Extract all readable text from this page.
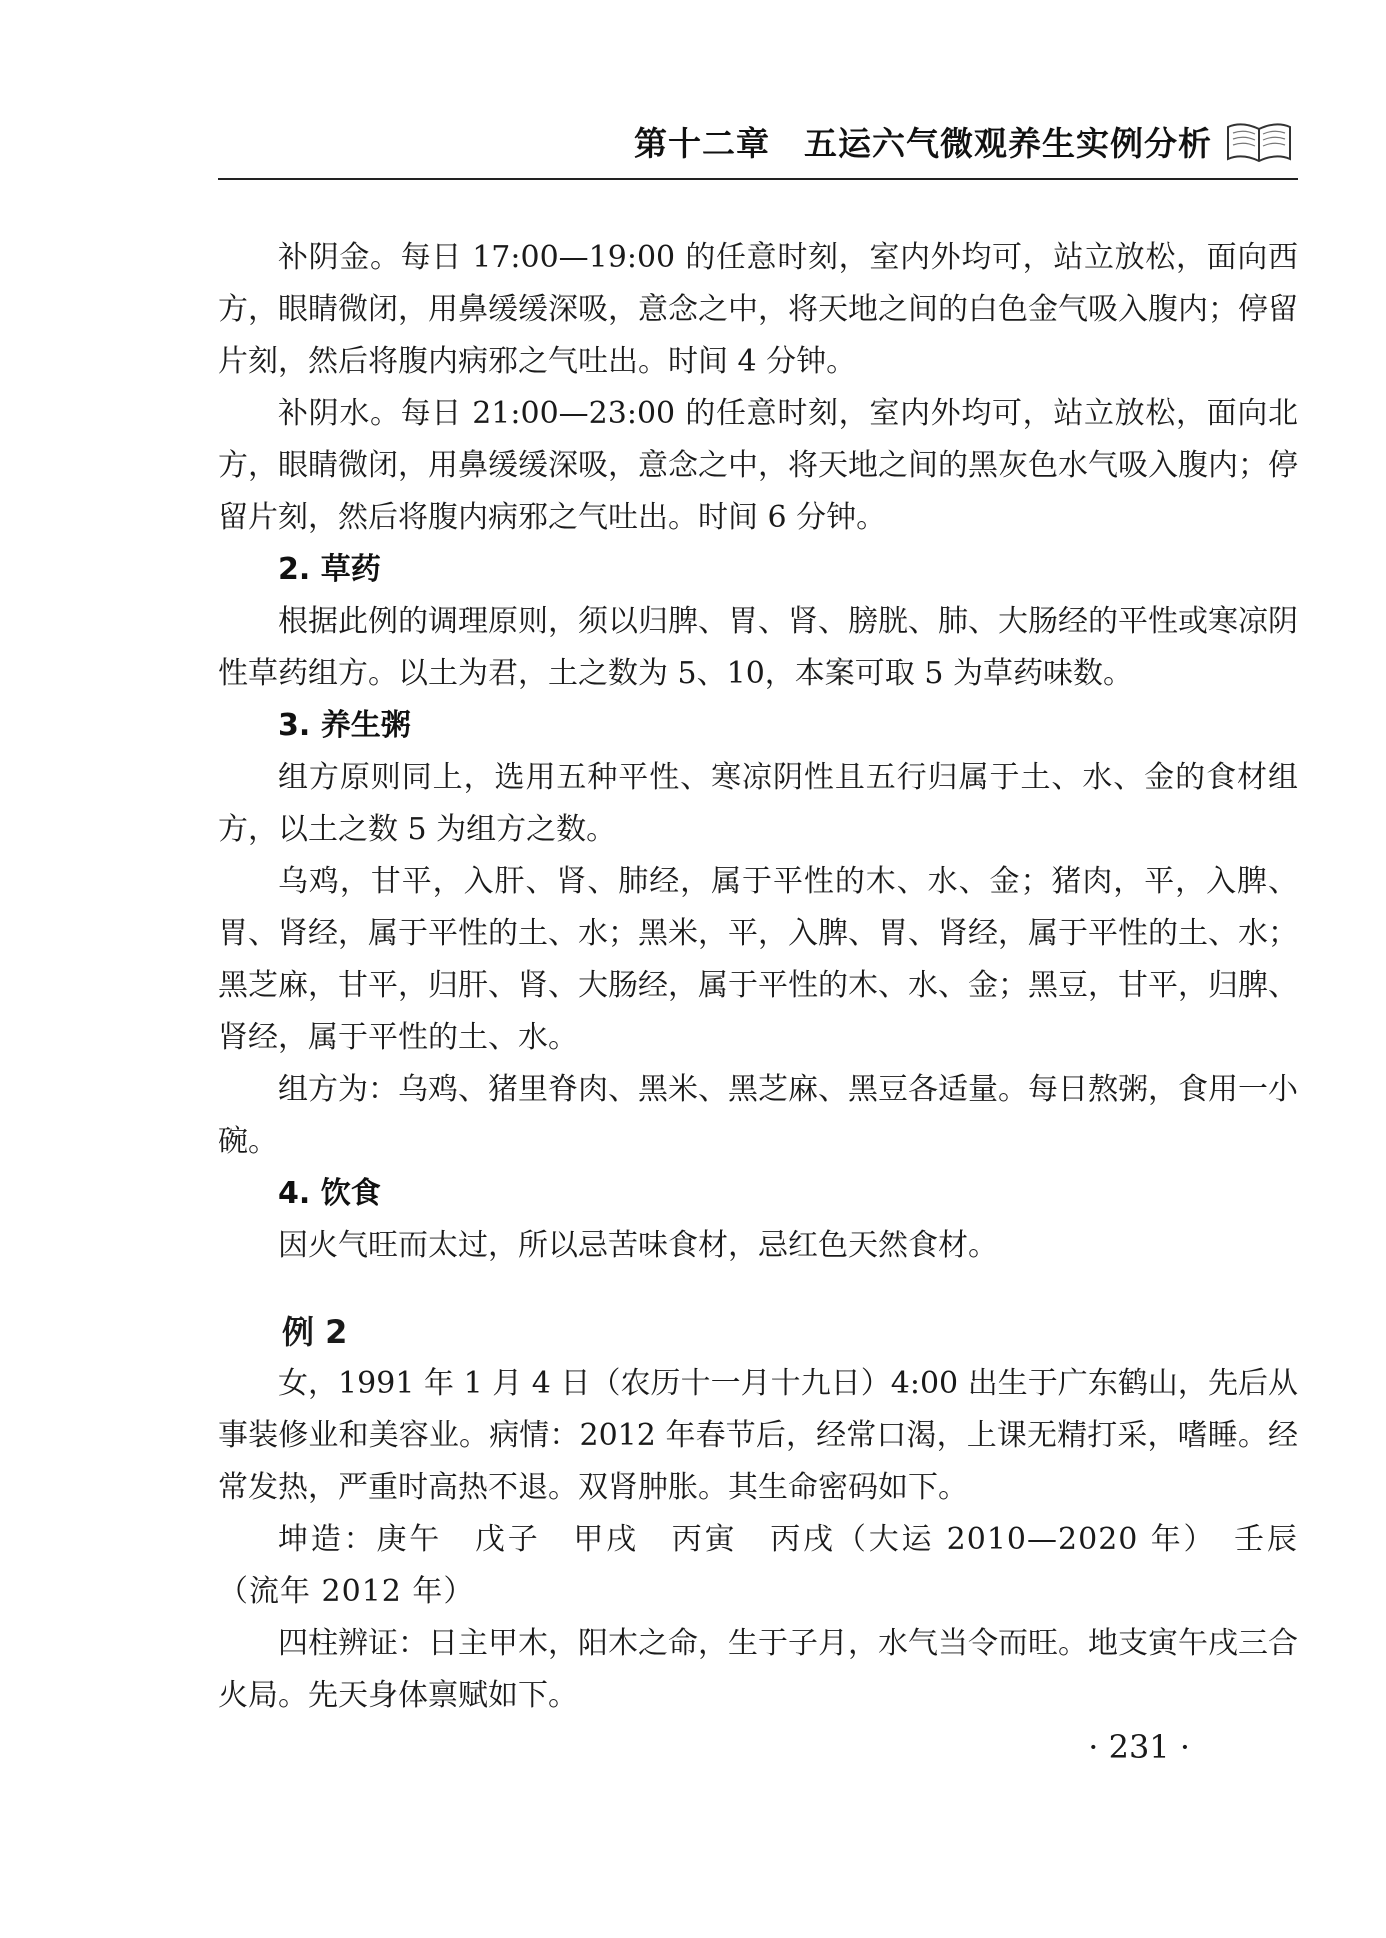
第十二章　五运六气微观养生实例分析

补阴金。每日 17:00—19:00 的任意时刻，室内外均可，站立放松，面向西方，眼睛微闭，用鼻缓缓深吸，意念之中，将天地之间的白色金气吸入腹内；停留片刻，然后将腹内病邪之气吐出。时间 4 分钟。

补阴水。每日 21:00—23:00 的任意时刻，室内外均可，站立放松，面向北方，眼睛微闭，用鼻缓缓深吸，意念之中，将天地之间的黑灰色水气吸入腹内；停留片刻，然后将腹内病邪之气吐出。时间 6 分钟。

2. 草药

根据此例的调理原则，须以归脾、胃、肾、膀胱、肺、大肠经的平性或寒凉阴性草药组方。以土为君，土之数为 5、10，本案可取 5 为草药味数。

3. 养生粥

组方原则同上，选用五种平性、寒凉阴性且五行归属于土、水、金的食材组方，以土之数 5 为组方之数。

乌鸡，甘平，入肝、肾、肺经，属于平性的木、水、金；猪肉，平，入脾、胃、肾经，属于平性的土、水；黑米，平，入脾、胃、肾经，属于平性的土、水；黑芝麻，甘平，归肝、肾、大肠经，属于平性的木、水、金；黑豆，甘平，归脾、肾经，属于平性的土、水。

组方为：乌鸡、猪里脊肉、黑米、黑芝麻、黑豆各适量。每日熬粥，食用一小碗。

4. 饮食

因火气旺而太过，所以忌苦味食材，忌红色天然食材。

例 2

女，1991 年 1 月 4 日（农历十一月十九日）4:00 出生于广东鹤山，先后从事装修业和美容业。病情：2012 年春节后，经常口渴，上课无精打采，嗜睡。经常发热，严重时高热不退。双肾肿胀。其生命密码如下。

坤造：庚午　戊子　甲戌　丙寅　丙戌（大运 2010—2020 年）　壬辰（流年 2012 年）

四柱辨证：日主甲木，阳木之命，生于子月，水气当令而旺。地支寅午戌三合火局。先天身体禀赋如下。

· 231 ·
